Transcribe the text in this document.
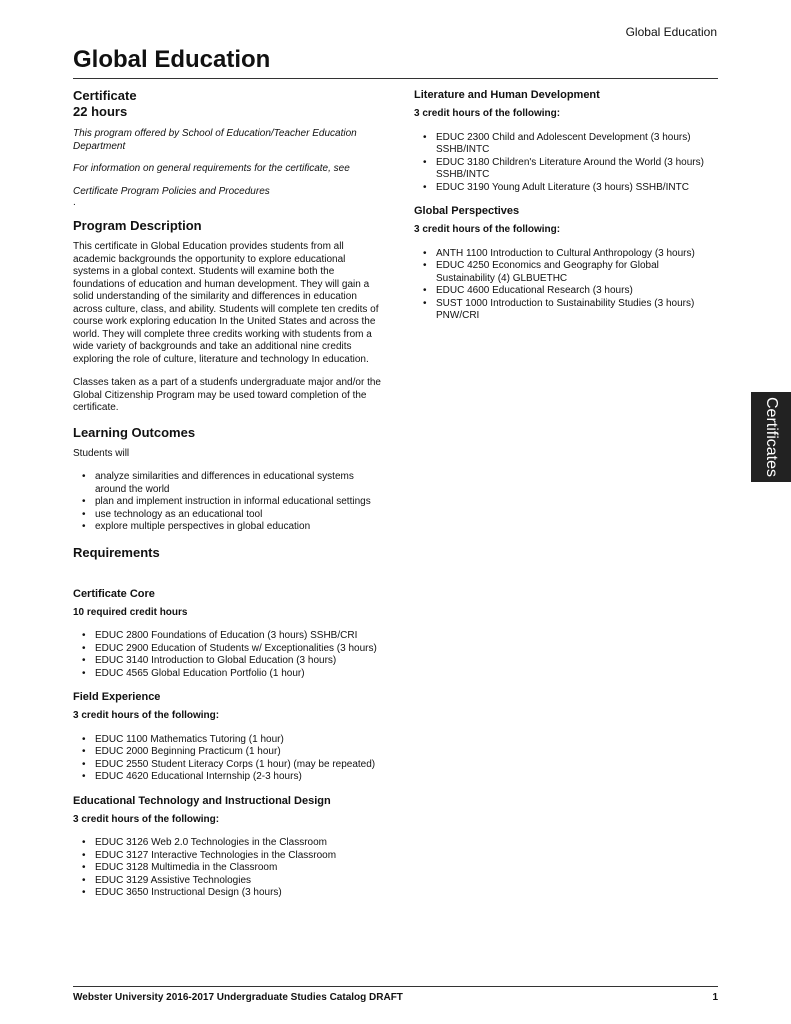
Global Education
Global Education
Certificate
22 hours

This program offered by School of Education/Teacher Education Department

For information on general requirements for the certificate, see

Certificate Program Policies and Procedures

.

Program Description

This certificate in Global Education provides students from all academic backgrounds the opportunity to explore educational systems in a global context. Students will examine both the foundations of education and human development. They will gain a solid understanding of the similarity and differences in education across culture, class, and ability. Students will complete ten credits of course work exploring education In the United States and across the world. They will complete three credits working with students from a wide variety of backgrounds and take an additional nine credits exploring the role of culture, literature and technology In education.

Classes taken as a part of a studenfs undergraduate major and/or the Global Citizenship Program may be used toward completion of the certificate.

Learning Outcomes

Students will

• analyze similarities and differences in educational systems around the world
• plan and implement instruction in informal educational settings
• use technology as an educational tool
• explore multiple perspectives in global education
Requirements
Certificate Core

10 required credit hours

• EDUC 2800 Foundations of Education (3 hours) SSHB/CRI
• EDUC 2900 Education of Students w/ Exceptionalities (3 hours)
• EDUC 3140 Introduction to Global Education (3 hours)
• EDUC 4565 Global Education Portfolio (1 hour)
Field Experience

3 credit hours of the following:

• EDUC 1100 Mathematics Tutoring (1 hour)
• EDUC 2000 Beginning Practicum (1 hour)
• EDUC 2550 Student Literacy Corps (1 hour) (may be repeated)
• EDUC 4620 Educational Internship (2-3 hours)
Educational Technology and Instructional Design

3 credit hours of the following:

• EDUC 3126 Web 2.0 Technologies in the Classroom
• EDUC 3127 Interactive Technologies in the Classroom
• EDUC 3128 Multimedia in the Classroom
• EDUC 3129 Assistive Technologies
• EDUC 3650 Instructional Design (3 hours)
Literature and Human Development

3 credit hours of the following:

• EDUC 2300 Child and Adolescent Development (3 hours) SSHB/INTC
• EDUC 3180 Children's Literature Around the World (3 hours) SSHB/INTC
• EDUC 3190 Young Adult Literature (3 hours) SSHB/INTC
Global Perspectives

3 credit hours of the following:

• ANTH 1100 Introduction to Cultural Anthropology (3 hours)
• EDUC 4250 Economics and Geography for Global Sustainability (4) GLBUETHC
• EDUC 4600 Educational Research (3 hours)
• SUST 1000 Introduction to Sustainability Studies (3 hours) PNW/CRI
Certificates
Webster University 2016-2017 Undergraduate Studies Catalog DRAFT	1
